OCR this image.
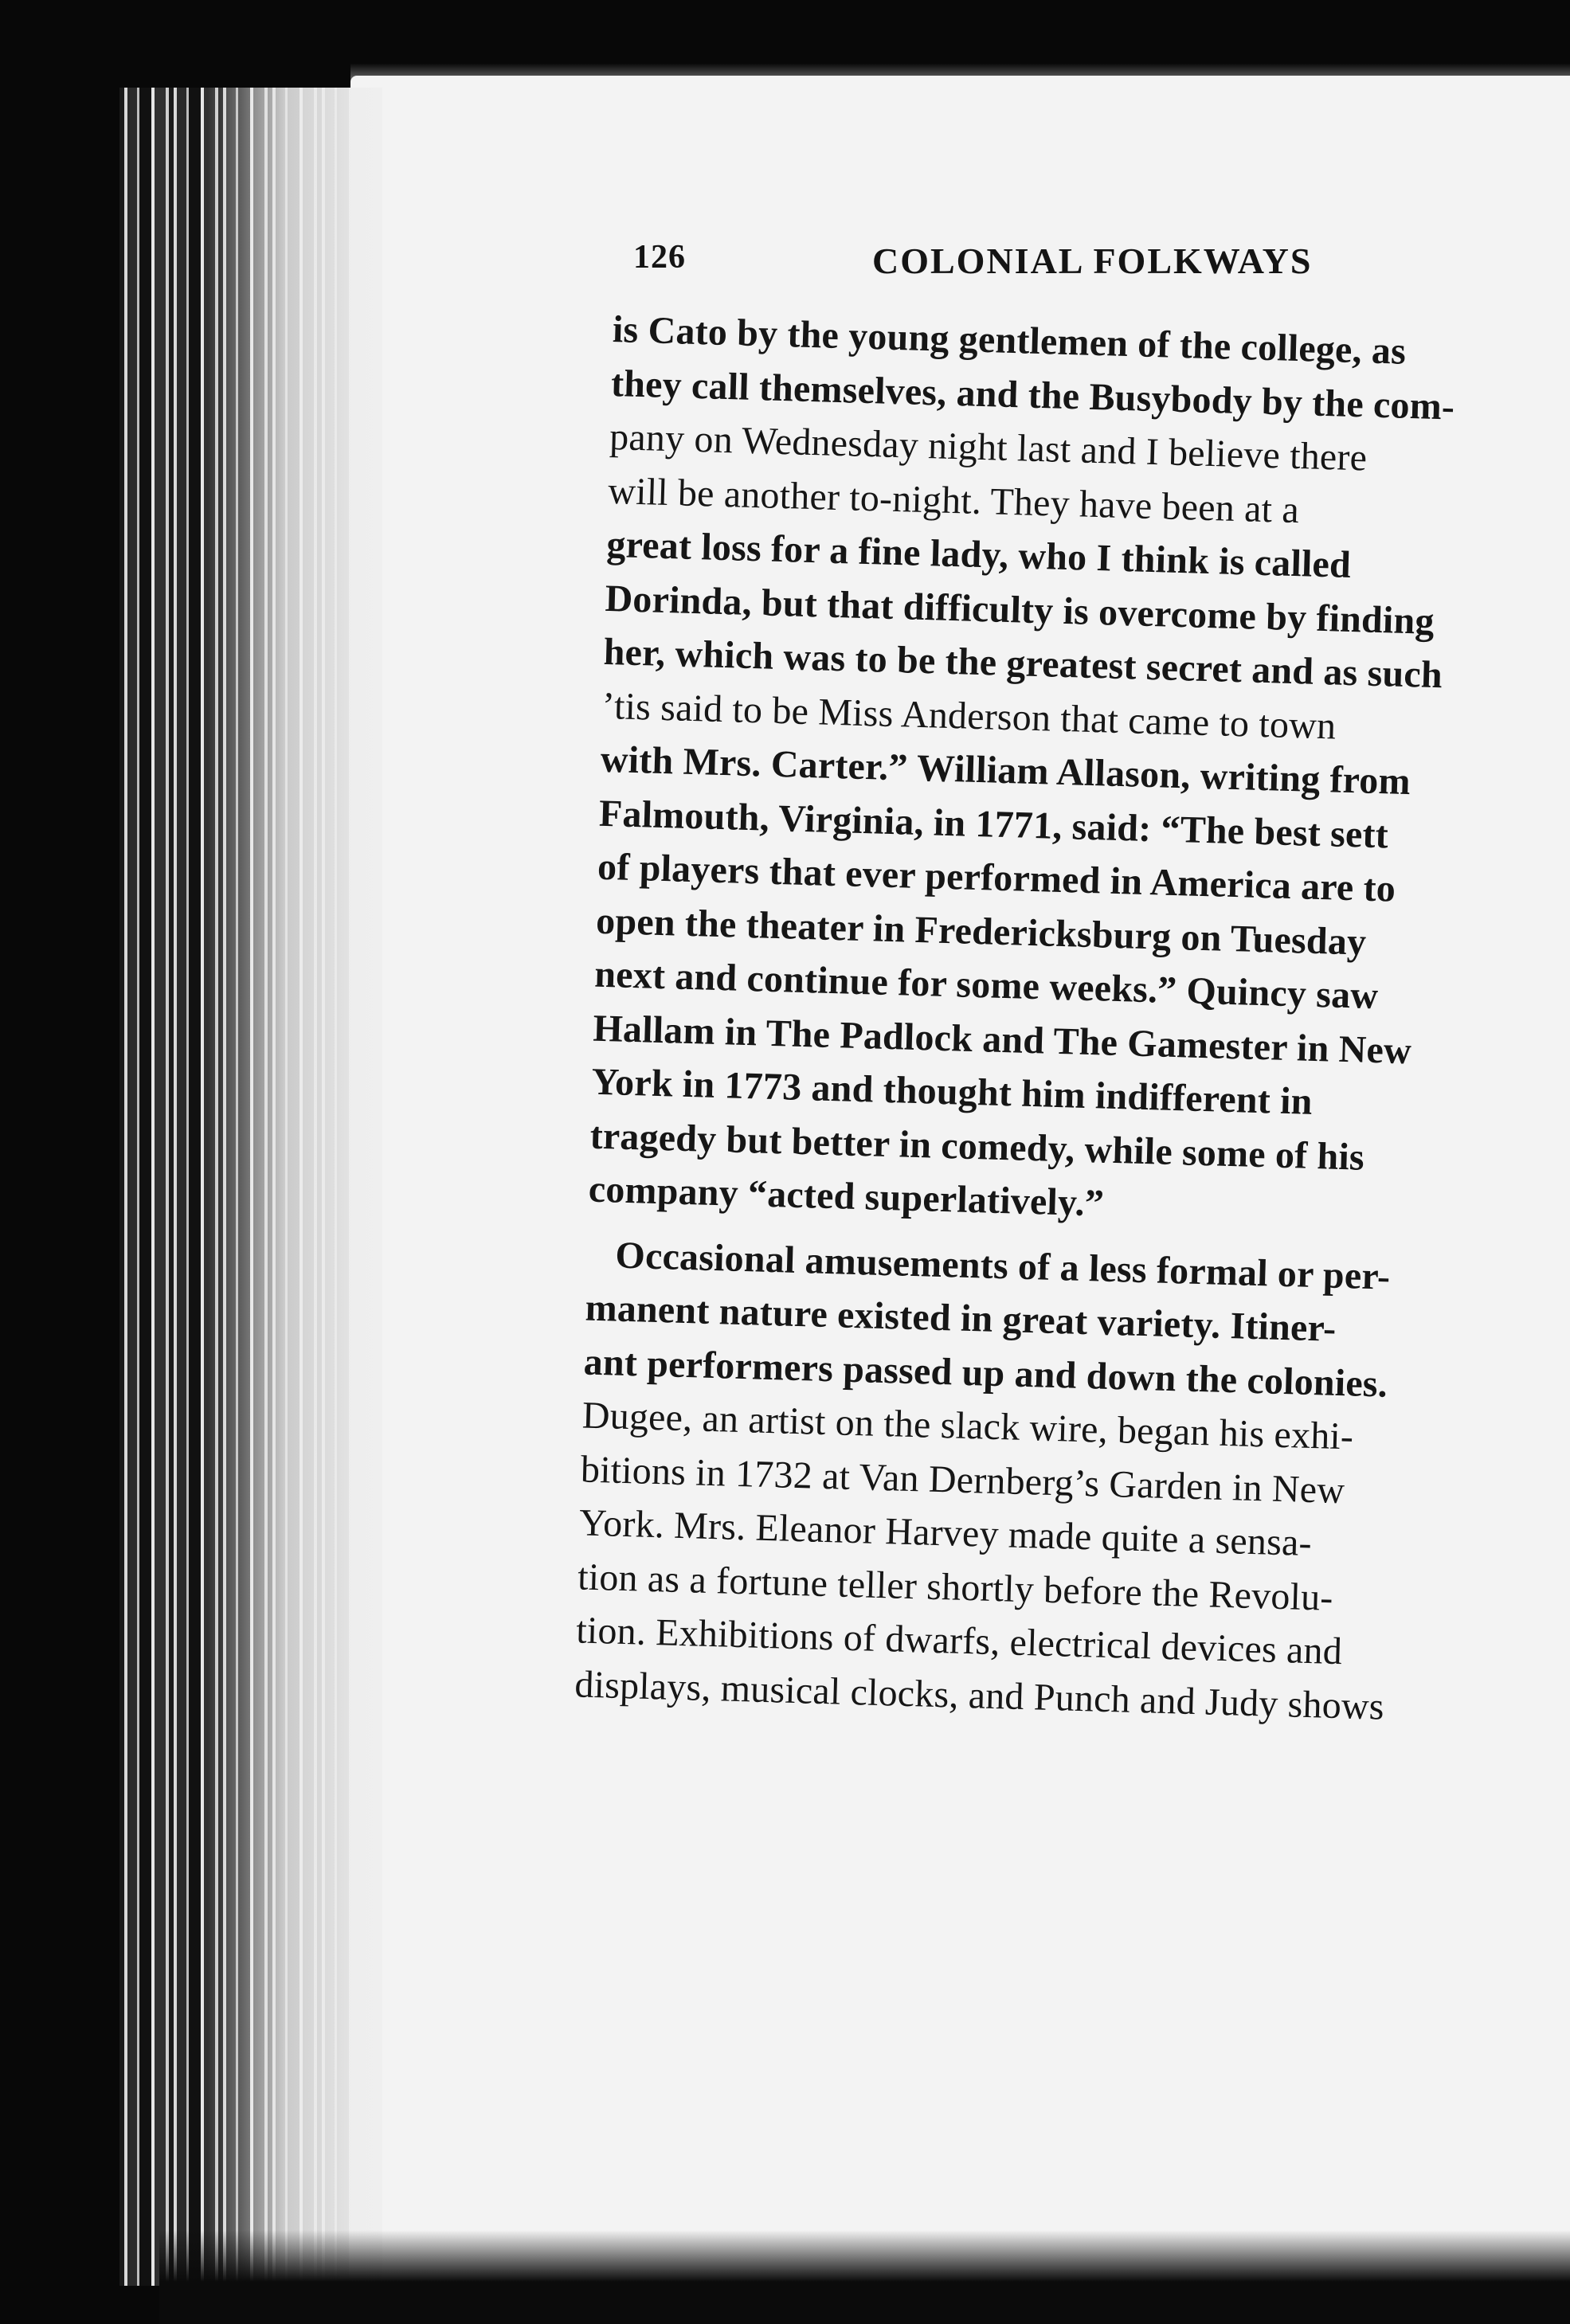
126	COLONIAL FOLKWAYS
is Cato by the young gentlemen of the college, as
they call themselves, and the Busybody by the com-
pany on Wednesday night last and I believe there
will be another to-night. They have been at a
great loss for a fine lady, who I think is called
Dorinda, but that difficulty is overcome by finding
her, which was to be the greatest secret and as such
’tis said to be Miss Anderson that came to town
with Mrs. Carter.” William Allason, writing from
Falmouth, Virginia, in 1771, said: “The best sett
of players that ever performed in America are to
open the theater in Fredericksburg on Tuesday
next and continue for some weeks.” Quincy saw
Hallam in The Padlock and The Gamester in New
York in 1773 and thought him indifferent in
tragedy but better in comedy, while some of his
company “acted superlatively.”
Occasional amusements of a less formal or per-
manent nature existed in great variety. Itiner-
ant performers passed up and down the colonies.
Dugee, an artist on the slack wire, began his exhi-
bitions in 1732 at Van Dernberg’s Garden in New
York. Mrs. Eleanor Harvey made quite a sensa-
tion as a fortune teller shortly before the Revolu-
tion. Exhibitions of dwarfs, electrical devices and
displays, musical clocks, and Punch and Judy shows
